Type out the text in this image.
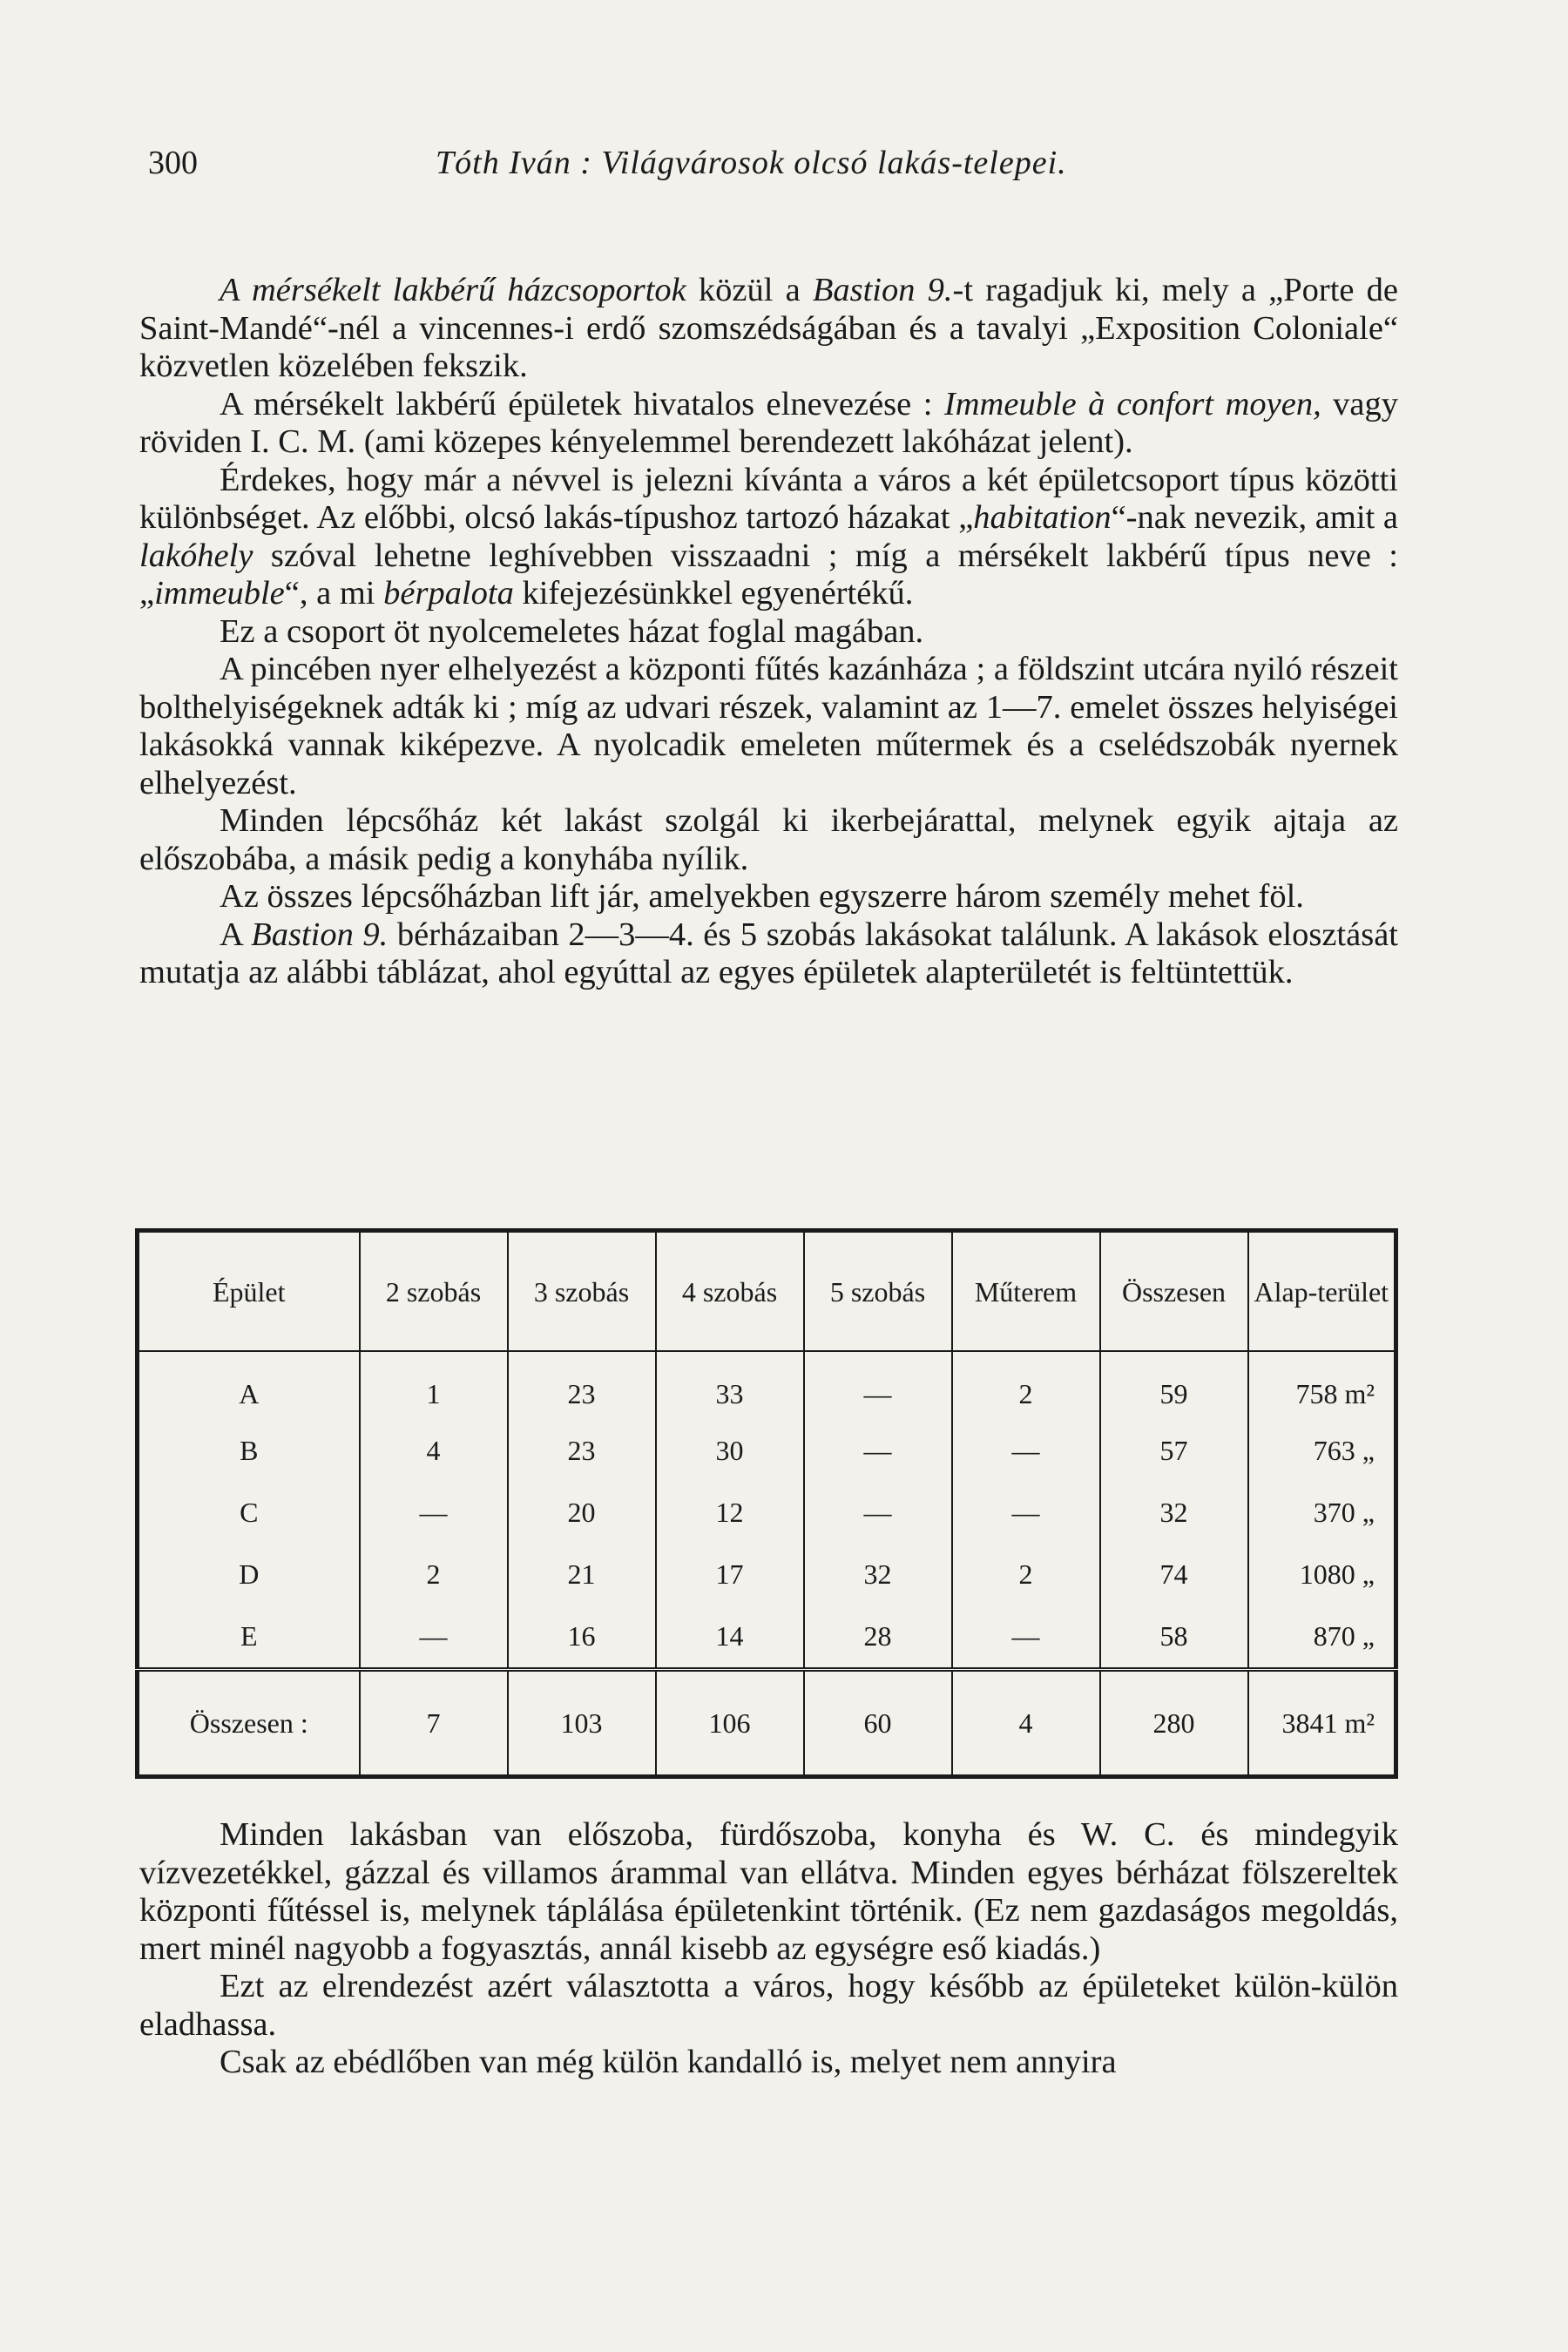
300	Tóth Iván : Világvárosok olcsó lakás-telepei.

A mérsékelt lakbérű házcsoportok közül a Bastion 9.-t ragadjuk ki, mely a „Porte de Saint-Mandé“-nél a vincennes-i erdő szomszédságában és a tavalyi „Exposition Coloniale“ közvetlen közelében fekszik.

A mérsékelt lakbérű épületek hivatalos elnevezése : Immeuble à confort moyen, vagy röviden I. C. M. (ami közepes kényelemmel berendezett lakóházat jelent).

Érdekes, hogy már a névvel is jelezni kívánta a város a két épületcsoport típus közötti különbséget. Az előbbi, olcsó lakás-típushoz tartozó házakat „habitation“-nak nevezik, amit a lakóhely szóval lehetne leghívebben visszaadni ; míg a mérsékelt lakbérű típus neve : „immeuble“, a mi bérpalota kifejezésünkkel egyenértékű.

Ez a csoport öt nyolcemeletes házat foglal magában.

A pincében nyer elhelyezést a központi fűtés kazánháza ; a földszint utcára nyiló részeit bolthelyiségeknek adták ki ; míg az udvari részek, valamint az 1—7. emelet összes helyiségei lakásokká vannak kiképezve. A nyolcadik emeleten műtermek és a cselédszobák nyernek elhelyezést.

Minden lépcsőház két lakást szolgál ki ikerbejárattal, melynek egyik ajtaja az előszobába, a másik pedig a konyhába nyílik.

Az összes lépcsőházban lift jár, amelyekben egyszerre három személy mehet föl.

A Bastion 9. bérházaiban 2—3—4. és 5 szobás lakásokat találunk. A lakások elosztását mutatja az alábbi táblázat, ahol egyúttal az egyes épületek alapterületét is feltüntettük.

Épület	2 szobás	3 szobás	4 szobás	5 szobás	Műterem	Összesen	Alap-terület
A	1	23	33	—	2	59	758 m²
B	4	23	30	—	—	57	763 „
C	—	20	12	—	—	32	370 „
D	2	21	17	32	2	74	1080 „
E	—	16	14	28	—	58	870 „
Összesen :	7	103	106	60	4	280	3841 m²

Minden lakásban van előszoba, fürdőszoba, konyha és W. C. és mindegyik vízvezetékkel, gázzal és villamos árammal van ellátva. Minden egyes bérházat fölszereltek központi fűtéssel is, melynek táplálása épületenkint történik. (Ez nem gazdaságos megoldás, mert minél nagyobb a fogyasztás, annál kisebb az egységre eső kiadás.)

Ezt az elrendezést azért választotta a város, hogy később az épületeket külön-külön eladhassa.

Csak az ebédlőben van még külön kandalló is, melyet nem annyira
